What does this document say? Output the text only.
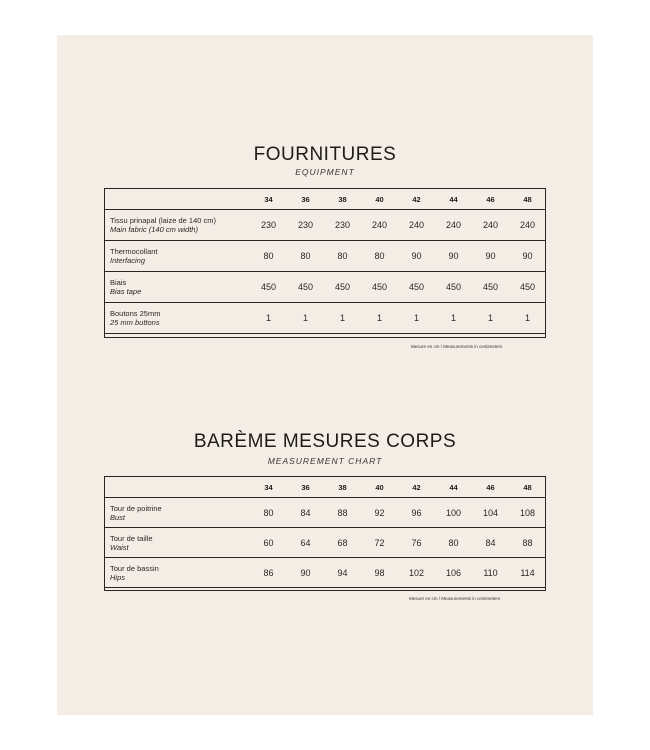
FOURNITURES
EQUIPMENT
	34	36	38	40	42	44	46	48

Tissu prinapal (laize de 140 cm)
Main fabric (140 cm width)	230	230	230	240	240	240	240	240

Thermocollant
Interfacing	80	80	80	80	90	90	90	90

Biais
Bias tape	450	450	450	450	450	450	450	450

Boutons 25mm
25 mm buttons	1	1	1	1	1	1	1	1
Mesure en cm / Measurements in centimeters
BARÈME MESURES CORPS
MEASUREMENT CHART
	34	36	38	40	42	44	46	48

Tour de poitrine
Bust	80	84	88	92	96	100	104	108

Tour de taille
Waist	60	64	68	72	76	80	84	88

Tour de bassin
Hips	86	90	94	98	102	106	110	114
Mesure en cm / Measurements in centimeters
